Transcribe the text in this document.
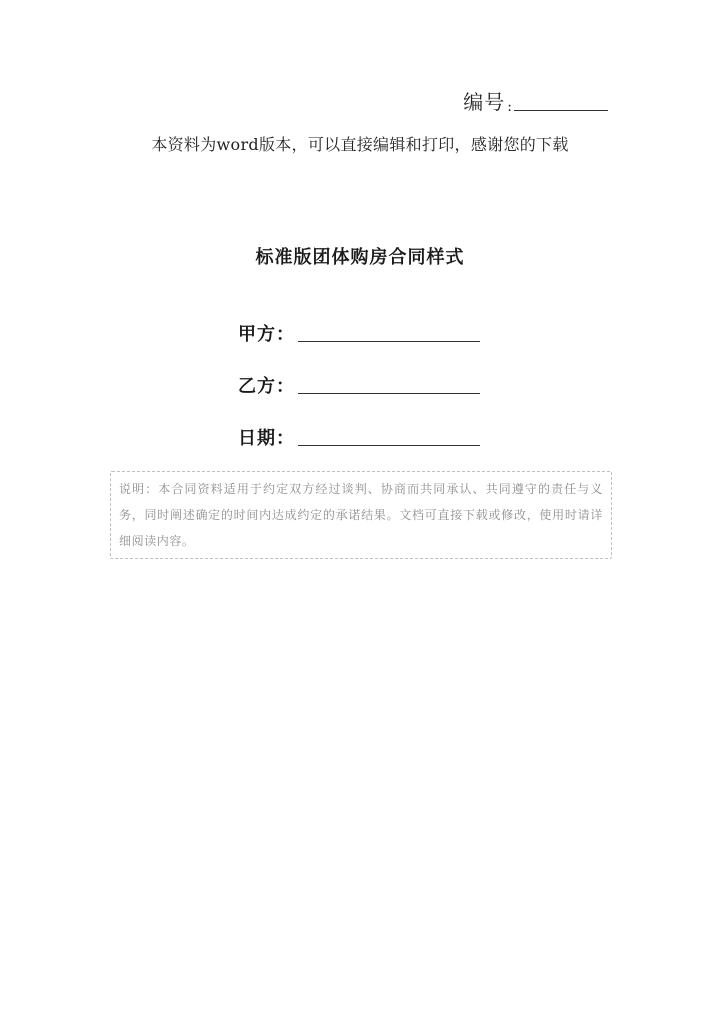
编号 :
本资料为word版本，可以直接编辑和打印，感谢您的下载
标准版团体购房合同样式
甲方 ：
乙方 ：
日期 ：
说明：本合同资料适用于约定双方经过谈判、协商而共同承认、共同遵守的责任与义务，同时阐述确定的时间内达成约定的承诺结果。文档可直接下载或修改，使用时请详细阅读内容。
